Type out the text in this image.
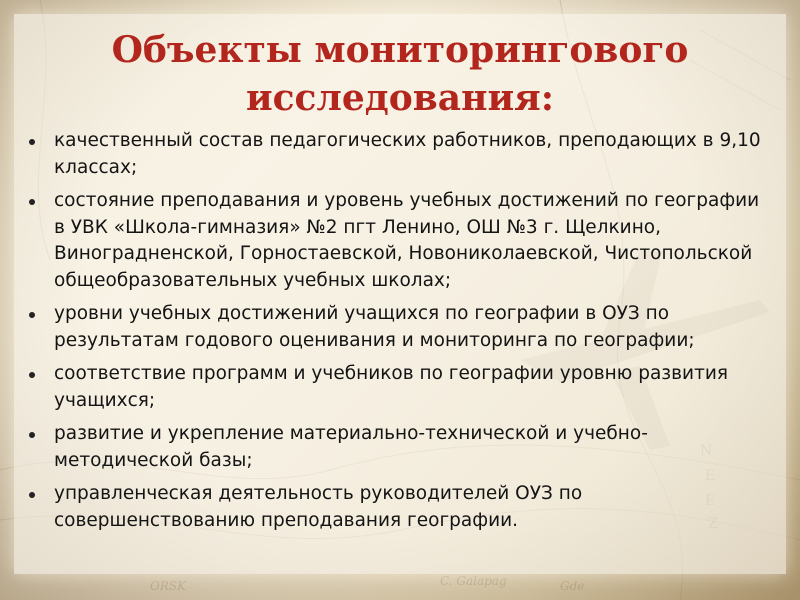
C. Galapag	Gde
ORSK
Объекты мониторингового исследования:
качественный состав педагогических работников, преподающих в 9,10 классах;
состояние преподавания и уровень учебных достижений по географии в УВК «Школа-гимназия» №2 пгт Ленино, ОШ №3 г. Щелкино, Винограднeнской, Горностаевской, Новониколаевской, Чистопольской общеобразовательных учебных школах;
уровни учебных достижений учащихся по географии в ОУЗ по результатам годового оценивания и мониторинга по географии;
соответствие программ и учебников по географии уровню развития учащихся;
развитие и укрепление материально-технической и учебно-методической базы;
управленческая деятельность руководителей ОУЗ по совершенствованию преподавания географии.
